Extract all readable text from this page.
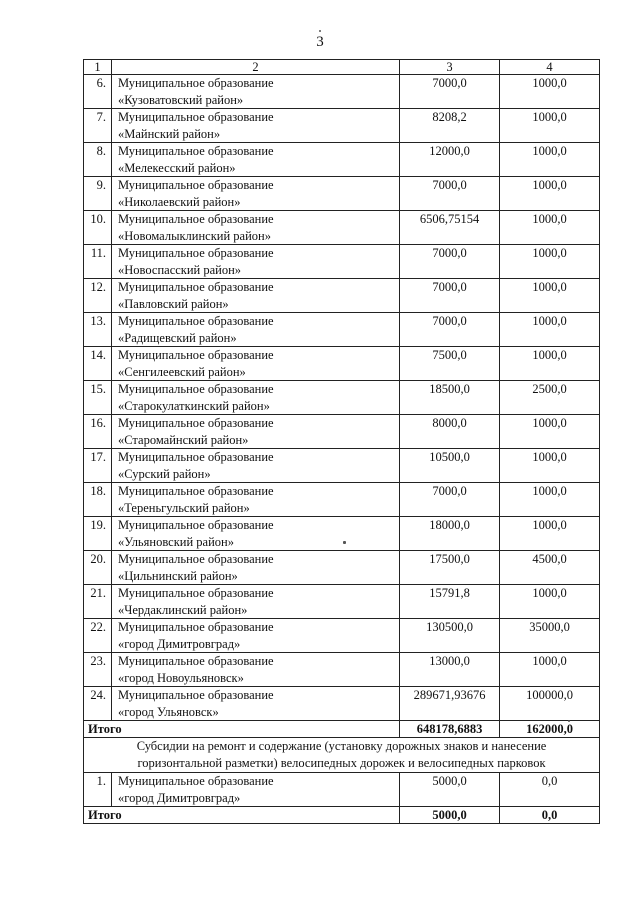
3
1	2	3	4
6.	Муниципальное образование
«Кузоватовский район»	7000,0	1000,0
7.	Муниципальное образование
«Майнский район»	8208,2	1000,0
8.	Муниципальное образование
«Мелекесский район»	12000,0	1000,0
9.	Муниципальное образование
«Николаевский район»	7000,0	1000,0
10.	Муниципальное образование
«Новомалыклинский район»	6506,75154	1000,0
11.	Муниципальное образование
«Новоспасский район»	7000,0	1000,0
12.	Муниципальное образование
«Павловский район»	7000,0	1000,0
13.	Муниципальное образование
«Радищевский район»	7000,0	1000,0
14.	Муниципальное образование
«Сенгилеевский район»	7500,0	1000,0
15.	Муниципальное образование
«Старокулаткинский район»	18500,0	2500,0
16.	Муниципальное образование
«Старомайнский район»	8000,0	1000,0
17.	Муниципальное образование
«Сурский район»	10500,0	1000,0
18.	Муниципальное образование
«Тереньгульский район»	7000,0	1000,0
19.	Муниципальное образование
«Ульяновский район»	18000,0	1000,0
20.	Муниципальное образование
«Цильнинский район»	17500,0	4500,0
21.	Муниципальное образование
«Чердаклинский район»	15791,8	1000,0
22.	Муниципальное образование
«город Димитровград»	130500,0	35000,0
23.	Муниципальное образование
«город Новоульяновск»	13000,0	1000,0
24.	Муниципальное образование
«город Ульяновск»	289671,93676	100000,0
Итого		648178,6883	162000,0

Субсидии на ремонт и содержание (установку дорожных знаков и нанесение
горизонтальной разметки) велосипедных дорожек и велосипедных парковок			

1.	Муниципальное образование
«город Димитровград»	5000,0	0,0
Итого		5000,0	0,0
